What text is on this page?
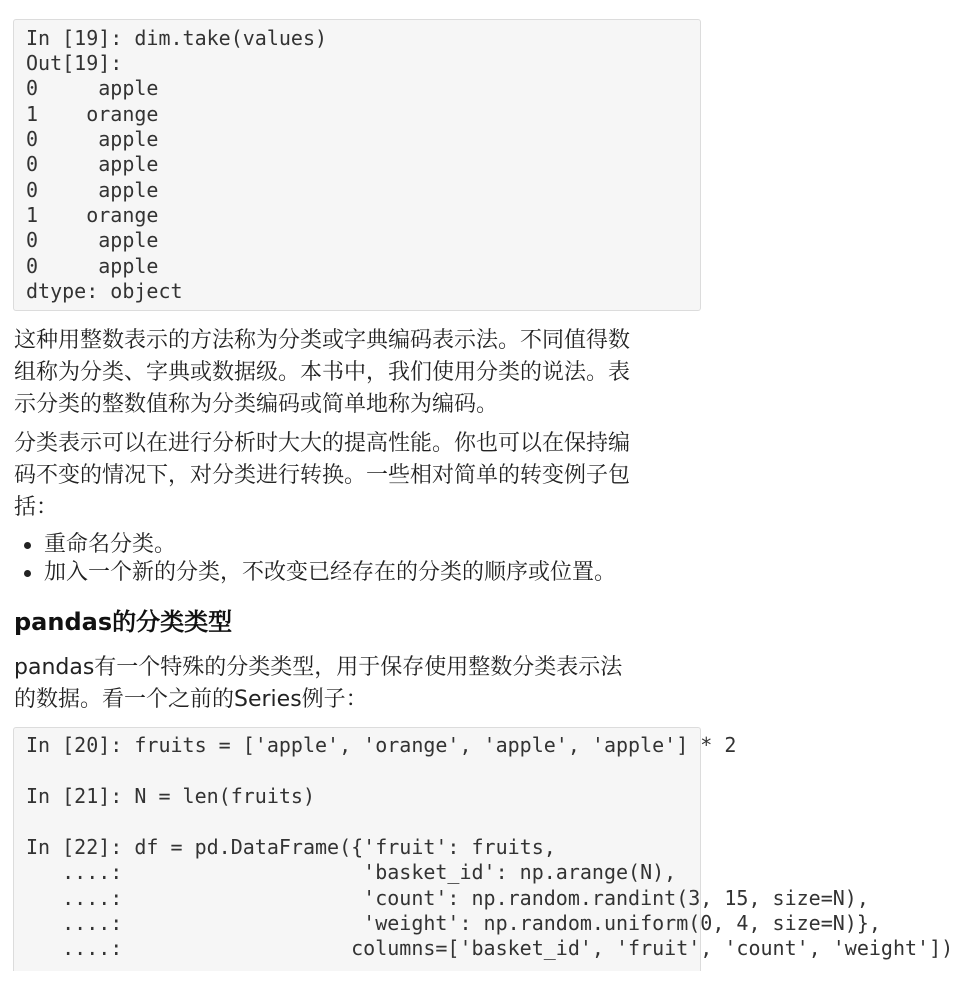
In [19]: dim.take(values)
Out[19]:
0     apple
1    orange
0     apple
0     apple
0     apple
1    orange
0     apple
0     apple
dtype: object

这种用整数表示的方法称为分类或字典编码表示法。不同值得数
组称为分类、字典或数据级。本书中，我们使用分类的说法。表
示分类的整数值称为分类编码或简单地称为编码。

分类表示可以在进行分析时大大的提高性能。你也可以在保持编
码不变的情况下，对分类进行转换。一些相对简单的转变例子包
括：

重命名分类。
加入一个新的分类，不改变已经存在的分类的顺序或位置。
pandas的分类类型

pandas有一个特殊的分类类型，用于保存使用整数分类表示法
的数据。看一个之前的Series例子：

In [20]: fruits = ['apple', 'orange', 'apple', 'apple'] * 2
In [21]: N = len(fruits)
In [22]: df = pd.DataFrame({'fruit': fruits,
....:                    'basket_id': np.arange(N),
....:                    'count': np.random.randint(3, 15, size=N),
....:                    'weight': np.random.uniform(0, 4, size=N)},
....:                   columns=['basket_id', 'fruit', 'count', 'weight'])
